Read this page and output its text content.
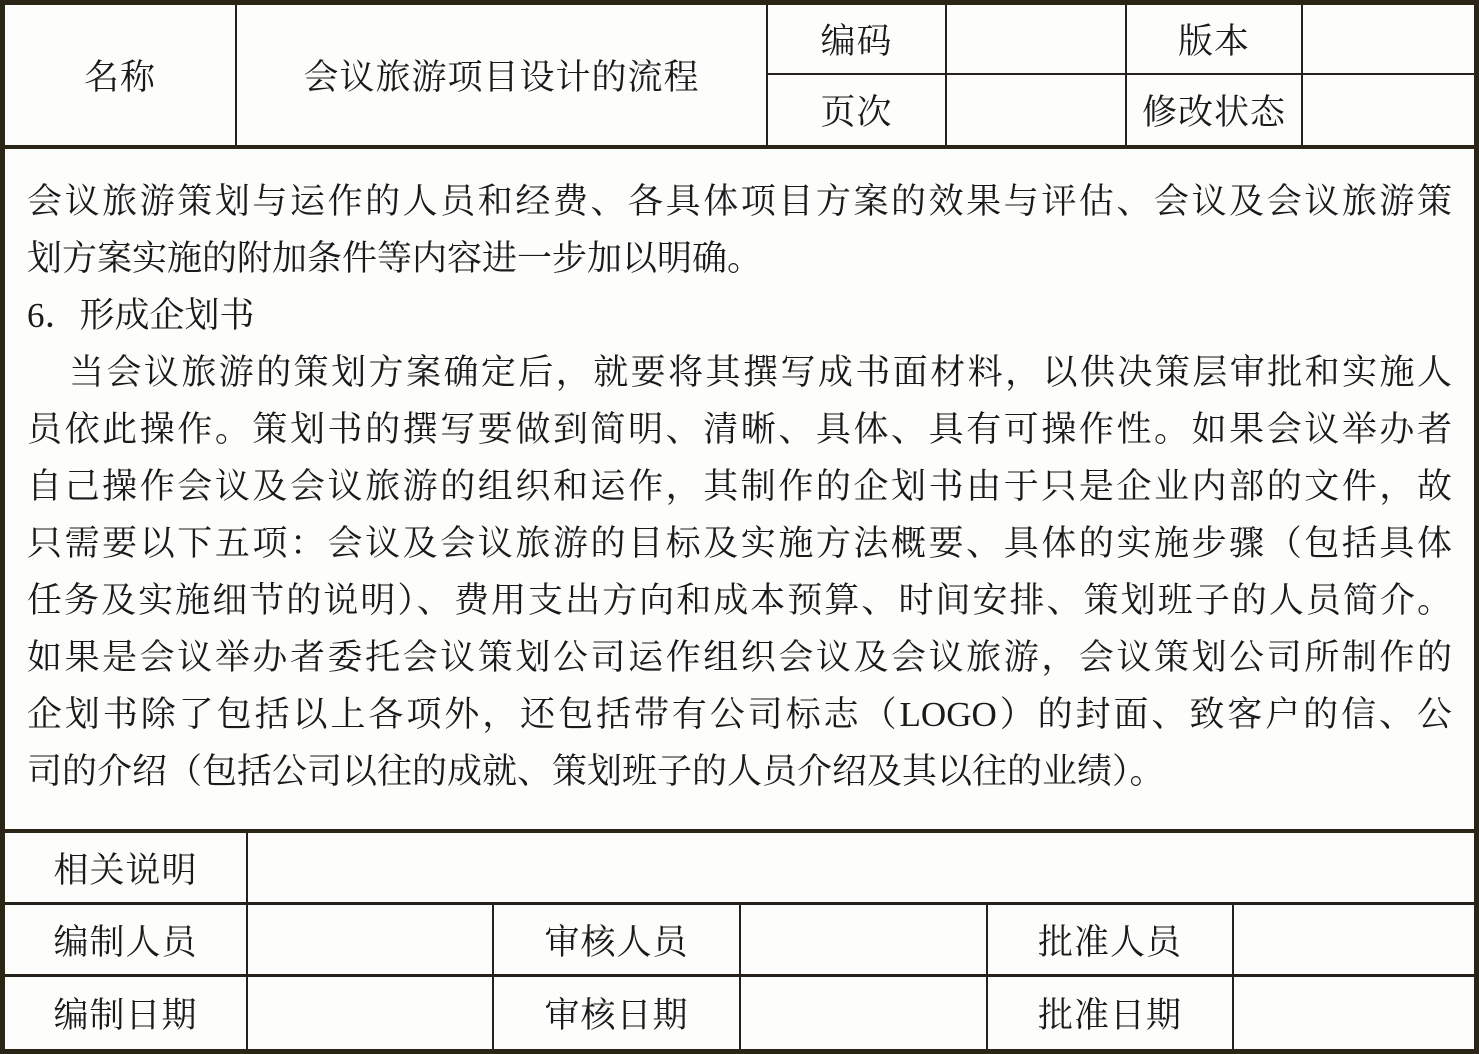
名称	会议旅游项目设计的流程
编码	版本
页次	修改状态
会议旅游策划与运作的人员和经费、各具体项目方案的效果与评估、会议及会议旅游策
划方案实施的附加条件等内容进一步加以明确。
6．形成企划书
当会议旅游的策划方案确定后，就要将其撰写成书面材料，以供决策层审批和实施人
员依此操作。策划书的撰写要做到简明、清晰、具体、具有可操作性。如果会议举办者
自己操作会议及会议旅游的组织和运作，其制作的企划书由于只是企业内部的文件，故
只需要以下五项：会议及会议旅游的目标及实施方法概要、具体的实施步骤（包括具体
任务及实施细节的说明）、费用支出方向和成本预算、时间安排、策划班子的人员简介。
如果是会议举办者委托会议策划公司运作组织会议及会议旅游，会议策划公司所制作的
企划书除了包括以上各项外，还包括带有公司标志（LOGO）的封面、致客户的信、公
司的介绍（包括公司以往的成就、策划班子的人员介绍及其以往的业绩）。
相关说明
编制人员	审核人员	批准人员
编制日期	审核日期	批准日期
